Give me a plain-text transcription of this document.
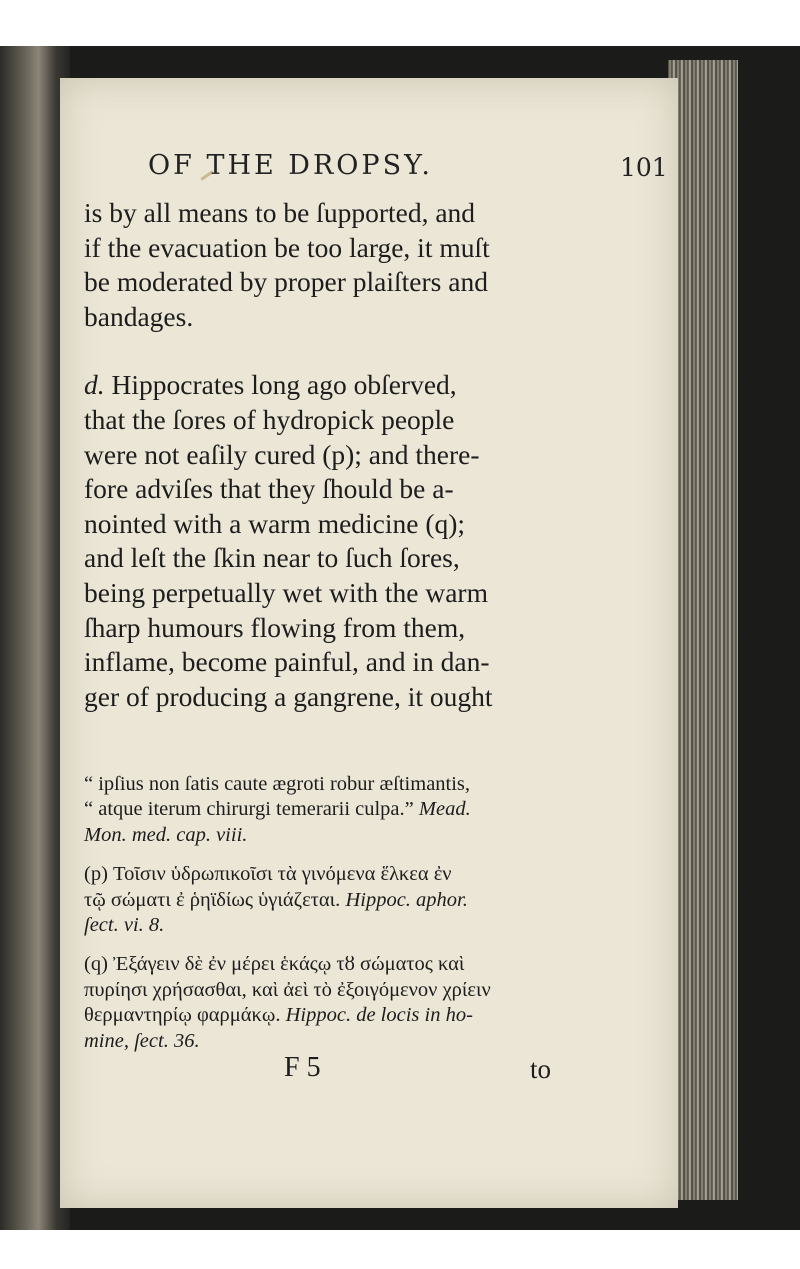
OF THE DROPSY.	101

is by all means to be ſupported, and
if the evacuation be too large, it muſt
be moderated by proper plaiſters and
bandages.

d. Hippocrates long ago obſerved,
that the ſores of hydropick people
were not eaſily cured (p); and there-
fore adviſes that they ſhould be a-
nointed with a warm medicine (q);
and leſt the ſkin near to ſuch ſores,
being perpetually wet with the warm
ſharp humours flowing from them,
inflame, become painful, and in dan-
ger of producing a gangrene, it ought

“ ipſius non ſatis caute ægroti robur æſtimantis,
“ atque iterum chirurgi temerarii culpa.” Mead.
Mon. med. cap. viii.

(p) Τοῖσιν ὑδρωπικοῖσι τὰ γινόμενα ἕλκεα ἐν
τῷ σώματι ἐ ῥηϊδίως ὑγιάζεται. Hippoc. aphor.
ſect. vi. 8.

(q) Ἐξάγειν δὲ ἐν μέρει ἑκάςῳ τȣ σώματος καὶ
πυρίησι χρήσασθαι, καὶ ἀεὶ τὸ ἐξοιγόμενον χρίειν
θερμαντηρίῳ φαρμάκῳ. Hippoc. de locis in ho-
mine, ſect. 36.

F 5	to
